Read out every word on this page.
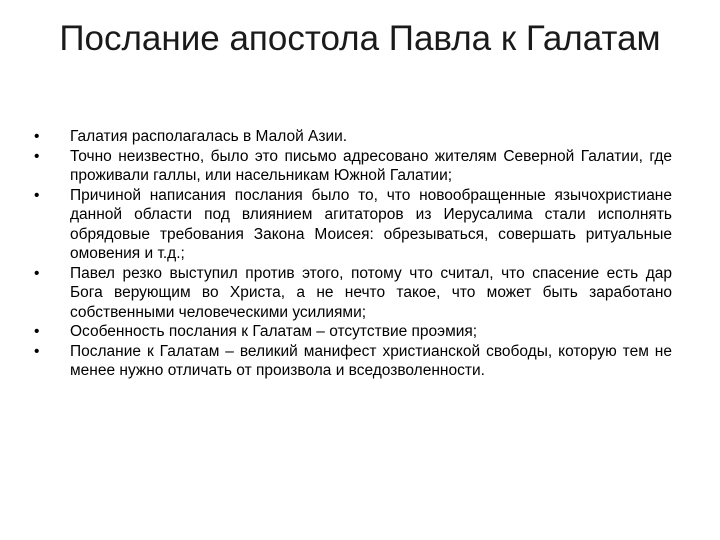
Послание апостола Павла к Галатам
•	Галатия располагалась в Малой Азии.
•	Точно неизвестно, было это письмо адресовано жителям Северной Галатии, где проживали галлы, или насельникам Южной Галатии;
•	Причиной написания послания было то, что новообращенные язычохристиане данной области под влиянием агитаторов из Иерусалима стали исполнять обрядовые требования Закона Моисея: обрезываться, совершать ритуальные омовения и т.д.;
•	Павел резко выступил против этого, потому что считал, что спасение есть дар Бога верующим во Христа, а не нечто такое, что может быть заработано собственными человеческими усилиями;
•	Особенность послания к Галатам – отсутствие проэмия;
•	Послание к Галатам – великий манифест христианской свободы, которую тем не менее нужно отличать от произвола и вседозволенности.
